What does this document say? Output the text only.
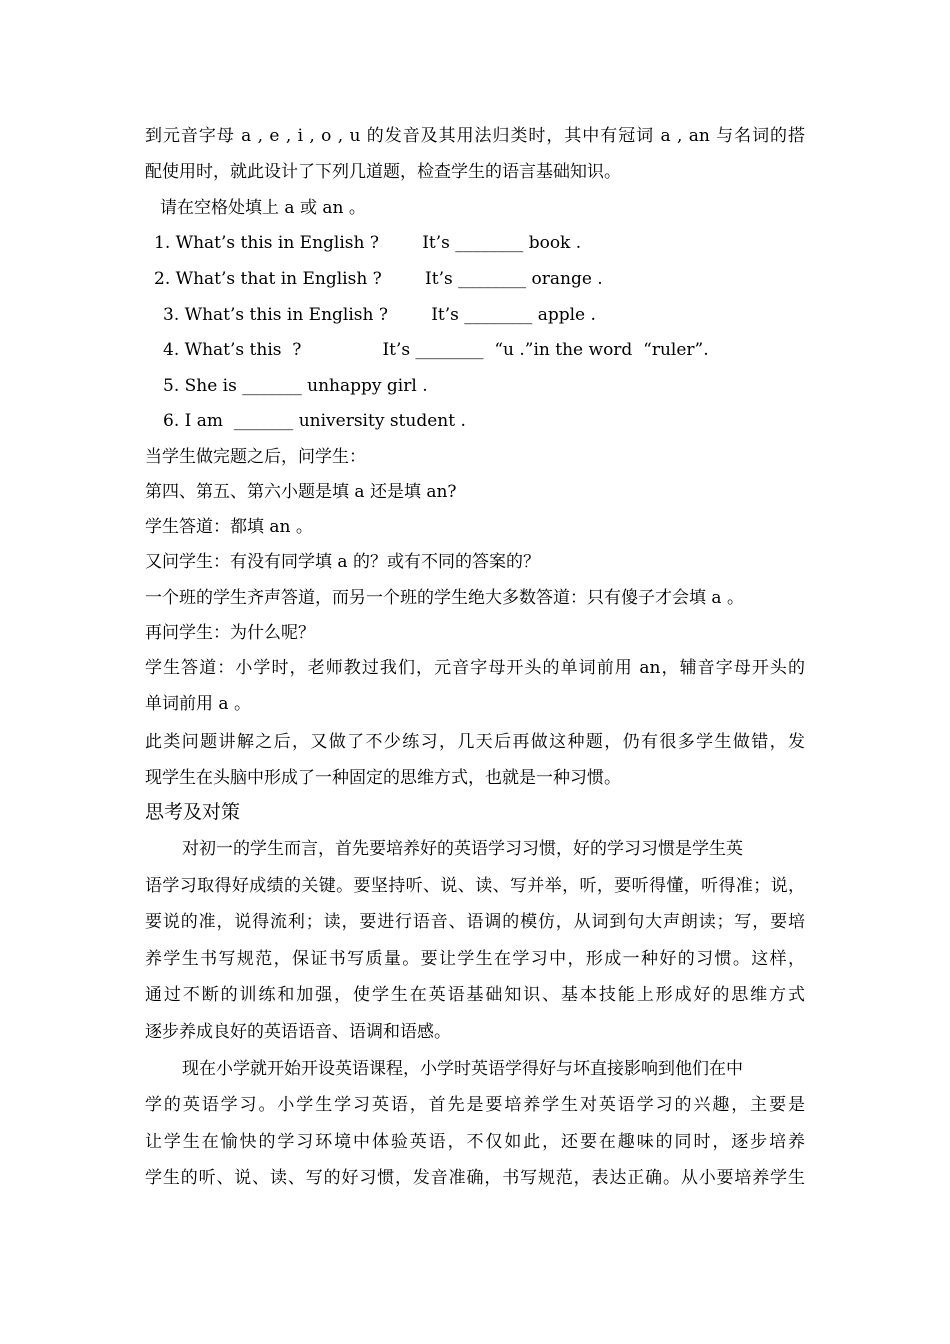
到元音字母 a , e , i , o , u 的发音及其用法归类时，其中有冠词 a , an 与名词的搭
配使用时，就此设计了下列几道题，检查学生的语言基础知识。
请在空格处填上 a 或 an 。
1. What’s this in English ?        It’s ________ book .
2. What’s that in English ?        It’s ________ orange .
3. What’s this in English ?        It’s ________ apple .
4. What’s this  ?               It’s ________  “u .”in the word  “ruler”.
5. She is _______ unhappy girl .
6. I am  _______ university student .
当学生做完题之后，问学生：
第四、第五、第六小题是填 a 还是填 an?
学生答道：都填 an 。
又问学生：有没有同学填 a 的？或有不同的答案的？
一个班的学生齐声答道，而另一个班的学生绝大多数答道：只有傻子才会填 a 。
再问学生：为什么呢？
学生答道：小学时，老师教过我们，元音字母开头的单词前用 an，辅音字母开头的
单词前用 a 。
此类问题讲解之后，又做了不少练习，几天后再做这种题，仍有很多学生做错，发
现学生在头脑中形成了一种固定的思维方式，也就是一种习惯。
思考及对策
对初一的学生而言，首先要培养好的英语学习习惯，好的学习习惯是学生英
语学习取得好成绩的关键。要坚持听、说、读、写并举，听，要听得懂，听得准；说，
要说的准，说得流利；读，要进行语音、语调的模仿，从词到句大声朗读；写，要培
养学生书写规范，保证书写质量。要让学生在学习中，形成一种好的习惯。这样，
通过不断的训练和加强，使学生在英语基础知识、基本技能上形成好的思维方式
逐步养成良好的英语语音、语调和语感。
现在小学就开始开设英语课程，小学时英语学得好与坏直接影响到他们在中
学的英语学习。小学生学习英语，首先是要培养学生对英语学习的兴趣，主要是
让学生在愉快的学习环境中体验英语，不仅如此，还要在趣味的同时，逐步培养
学生的听、说、读、写的好习惯，发音准确，书写规范，表达正确。从小要培养学生
